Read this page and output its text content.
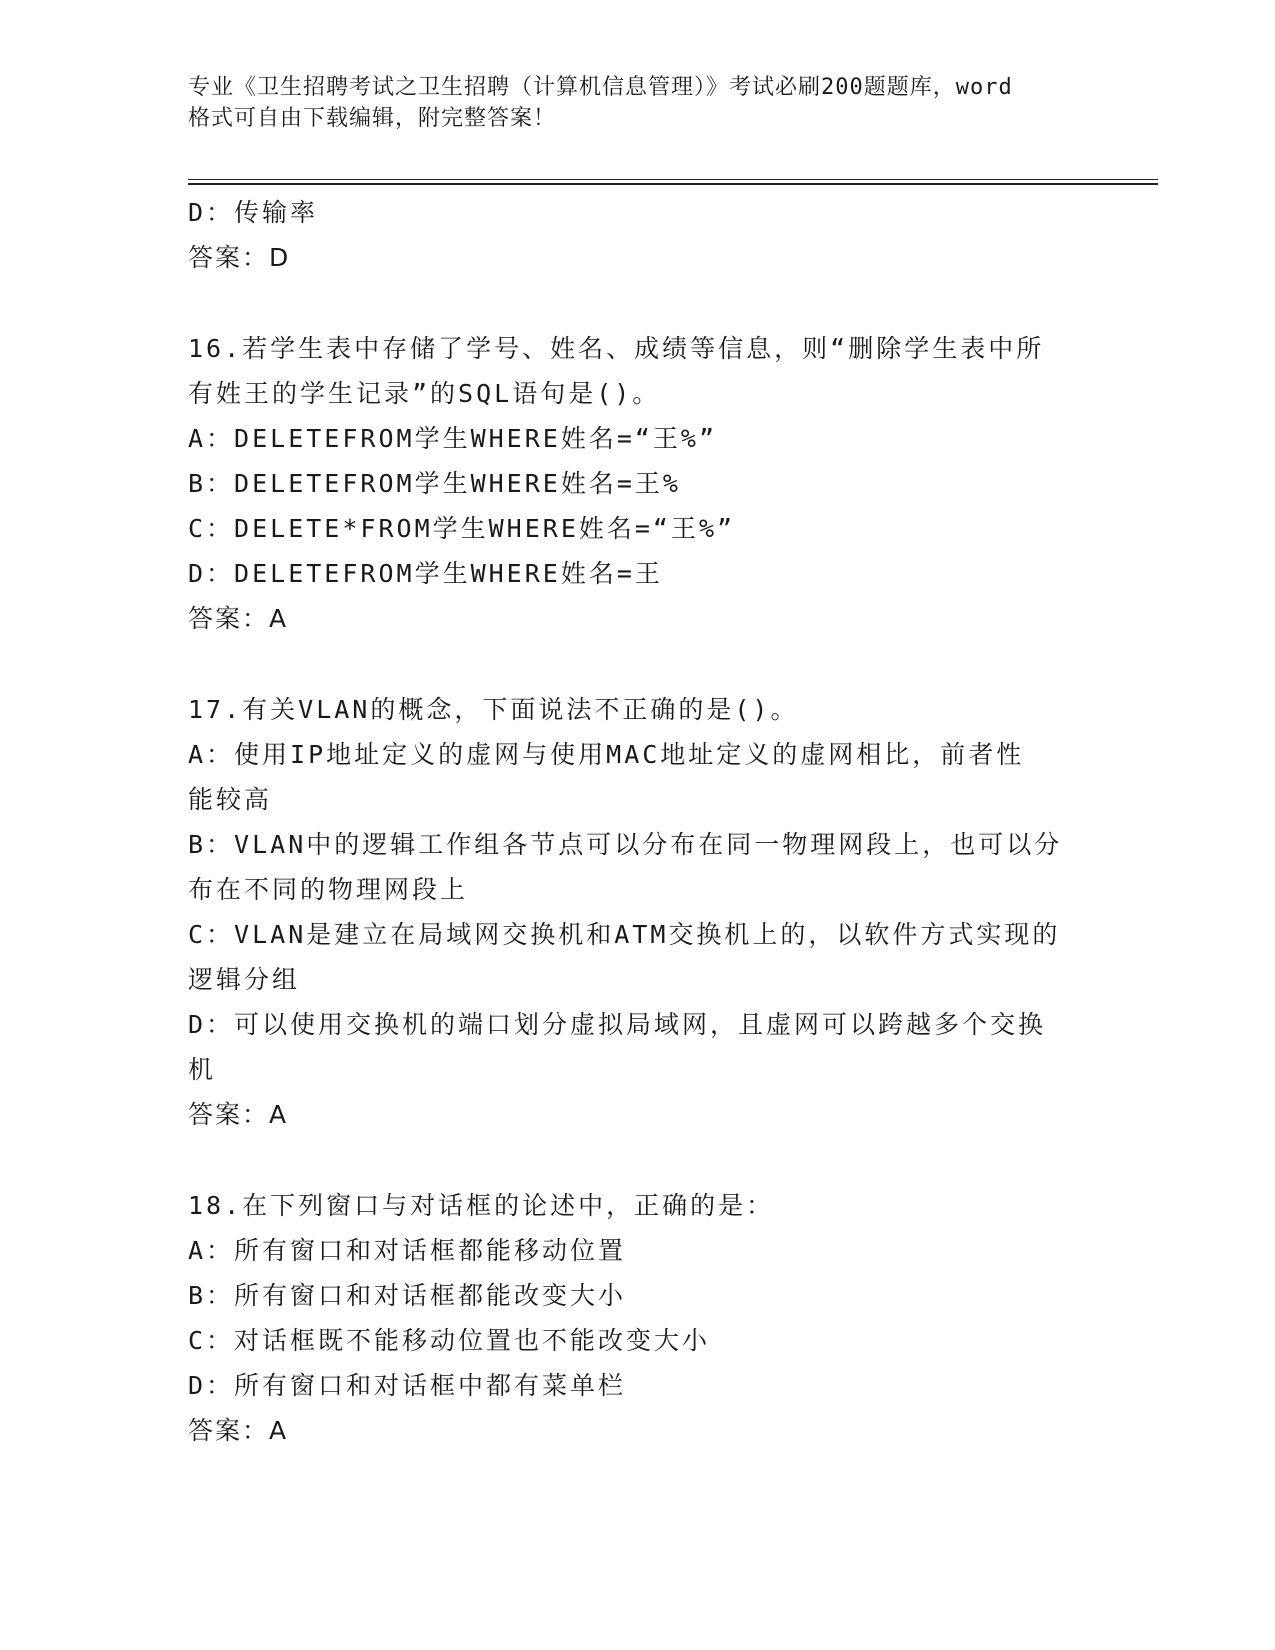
专业《卫生招聘考试之卫生招聘（计算机信息管理）》考试必刷200题题库，word
格式可自由下载编辑，附完整答案！
D：传输率
答案：D
16.若学生表中存储了学号、姓名、成绩等信息，则“删除学生表中所
有姓王的学生记录”的SQL语句是()。
A：DELETEFROM学生WHERE姓名=“王%”
B：DELETEFROM学生WHERE姓名=王%
C：DELETE*FROM学生WHERE姓名=“王%”
D：DELETEFROM学生WHERE姓名=王
答案：A
17.有关VLAN的概念，下面说法不正确的是()。
A：使用IP地址定义的虚网与使用MAC地址定义的虚网相比，前者性
能较高
B：VLAN中的逻辑工作组各节点可以分布在同一物理网段上，也可以分
布在不同的物理网段上
C：VLAN是建立在局域网交换机和ATM交换机上的，以软件方式实现的
逻辑分组
D：可以使用交换机的端口划分虚拟局域网，且虚网可以跨越多个交换
机
答案：A
18.在下列窗口与对话框的论述中，正确的是：
A：所有窗口和对话框都能移动位置
B：所有窗口和对话框都能改变大小
C：对话框既不能移动位置也不能改变大小
D：所有窗口和对话框中都有菜单栏
答案：A
